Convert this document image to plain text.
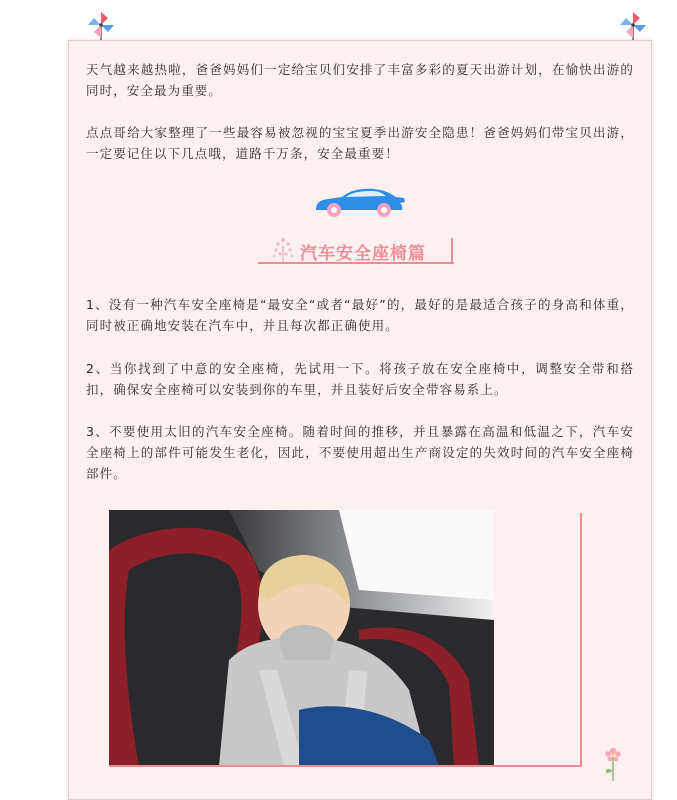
天气越来越热啦，爸爸妈妈们一定给宝贝们安排了丰富多彩的夏天出游计划，在愉快出游的同时，安全最为重要。

点点哥给大家整理了一些最容易被忽视的宝宝夏季出游安全隐患！爸爸妈妈们带宝贝出游，一定要记住以下几点哦，道路千万条，安全最重要！

汽车安全座椅篇

1、没有一种汽车安全座椅是“最安全“或者“最好”的，最好的是最适合孩子的身高和体重，同时被正确地安装在汽车中，并且每次都正确使用。

2、当你找到了中意的安全座椅，先试用一下。将孩子放在安全座椅中，调整安全带和搭扣，确保安全座椅可以安装到你的车里，并且装好后安全带容易系上。

3、不要使用太旧的汽车安全座椅。随着时间的推移，并且暴露在高温和低温之下，汽车安全座椅上的部件可能发生老化，因此，不要使用超出生产商设定的失效时间的汽车安全座椅部件。
